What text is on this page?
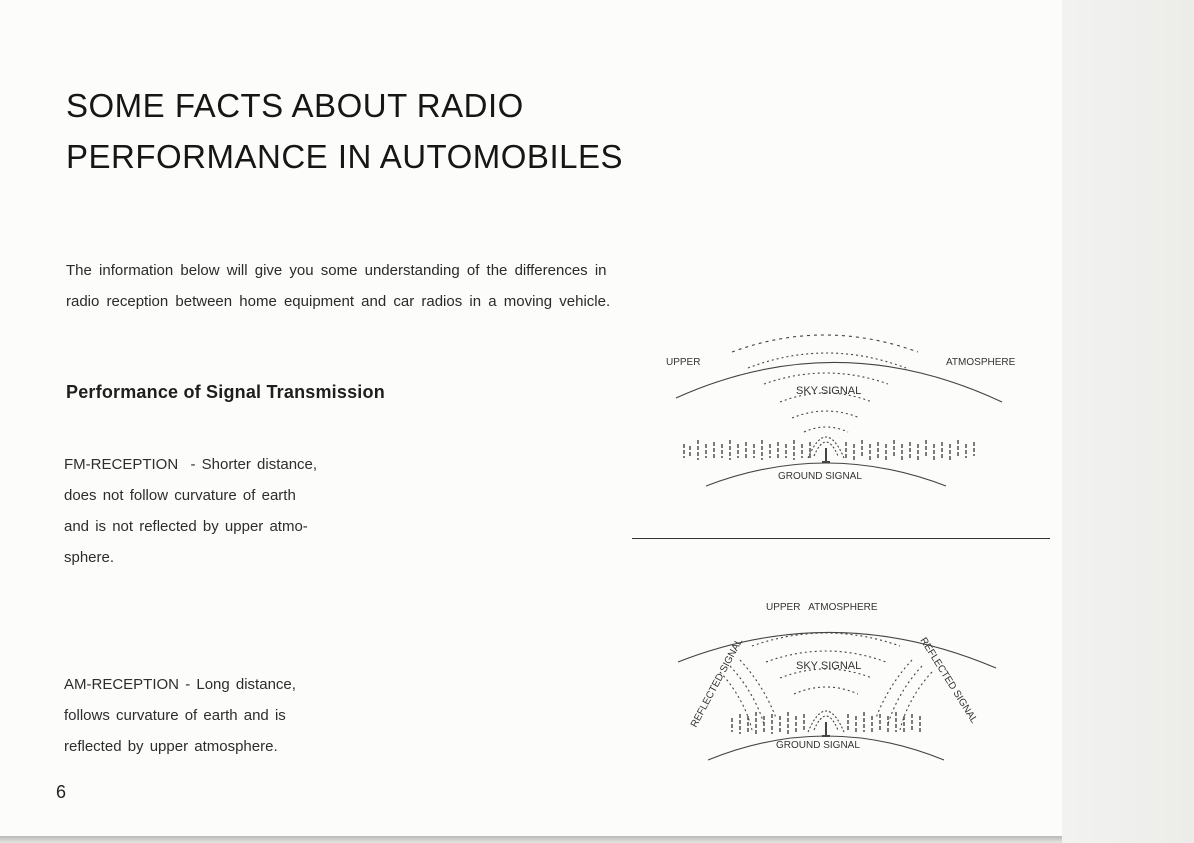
SOME FACTS ABOUT RADIO
PERFORMANCE IN AUTOMOBILES

The information below will give you some understanding of the differences in
radio reception between home equipment and car radios in a moving vehicle.

Performance of Signal Transmission

FM-RECEPTION - Shorter distance,
does not follow curvature of earth
and is not reflected by upper atmo-
sphere.

AM-RECEPTION - Long distance,
follows curvature of earth and is
reflected by upper atmosphere.

6
UPPER	ATMOSPHERE
SKY SIGNAL
GROUND SIGNAL
UPPER   ATMOSPHERE
SKY SIGNAL
GROUND SIGNAL
REFLECTED SIGNAL	REFLECTED SIGNAL
